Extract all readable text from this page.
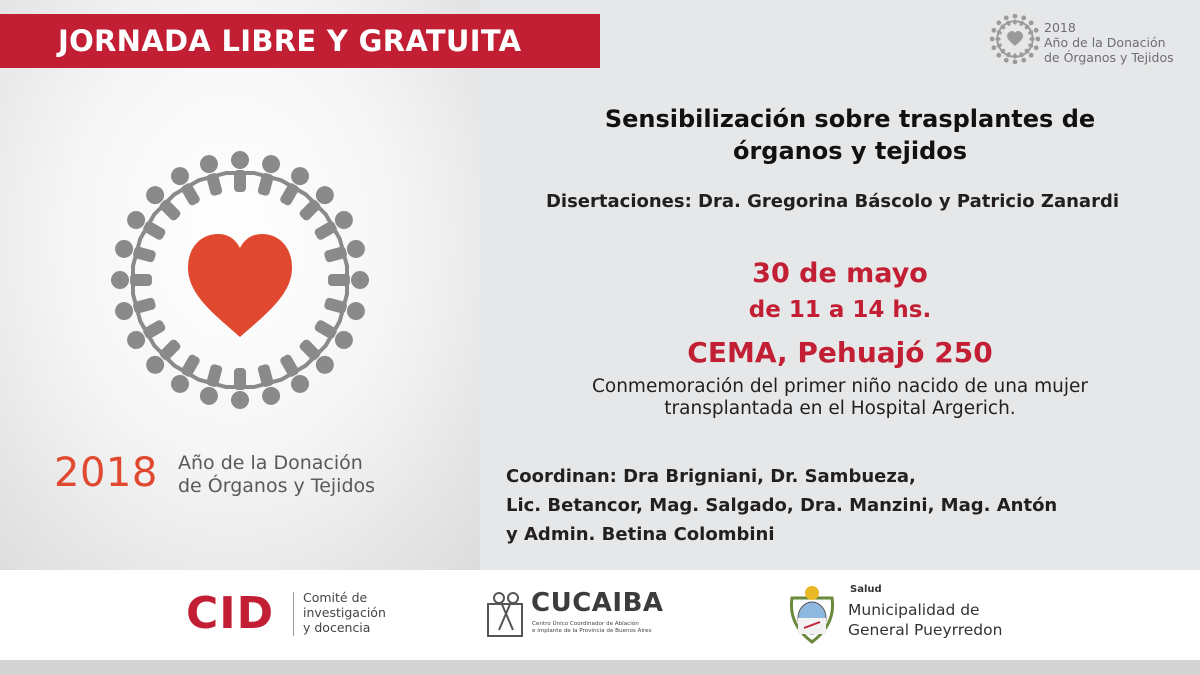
JORNADA LIBRE Y GRATUITA	2018
Año de la Donación
de Órganos y Tejidos
2018 Año de la Donación
de Órganos y Tejidos
Sensibilización sobre trasplantes de
órganos y tejidos
Disertaciones: Dra. Gregorina Báscolo y Patricio Zanardi
30 de mayo
de 11 a 14 hs.
CEMA, Pehuajó 250
Conmemoración del primer niño nacido de una mujer
transplantada en el Hospital Argerich.
Coordinan: Dra Brigniani, Dr. Sambueza,
Lic. Betancor, Mag. Salgado, Dra. Manzini, Mag. Antón
y Admin. Betina Colombini
CID Comité de
investigación
y docencia
CUCAIBA
Centro Único Coordinador de Ablación
e implante de la Provincia de Buenos Aires
Salud
Municipalidad de
General Pueyrredon
